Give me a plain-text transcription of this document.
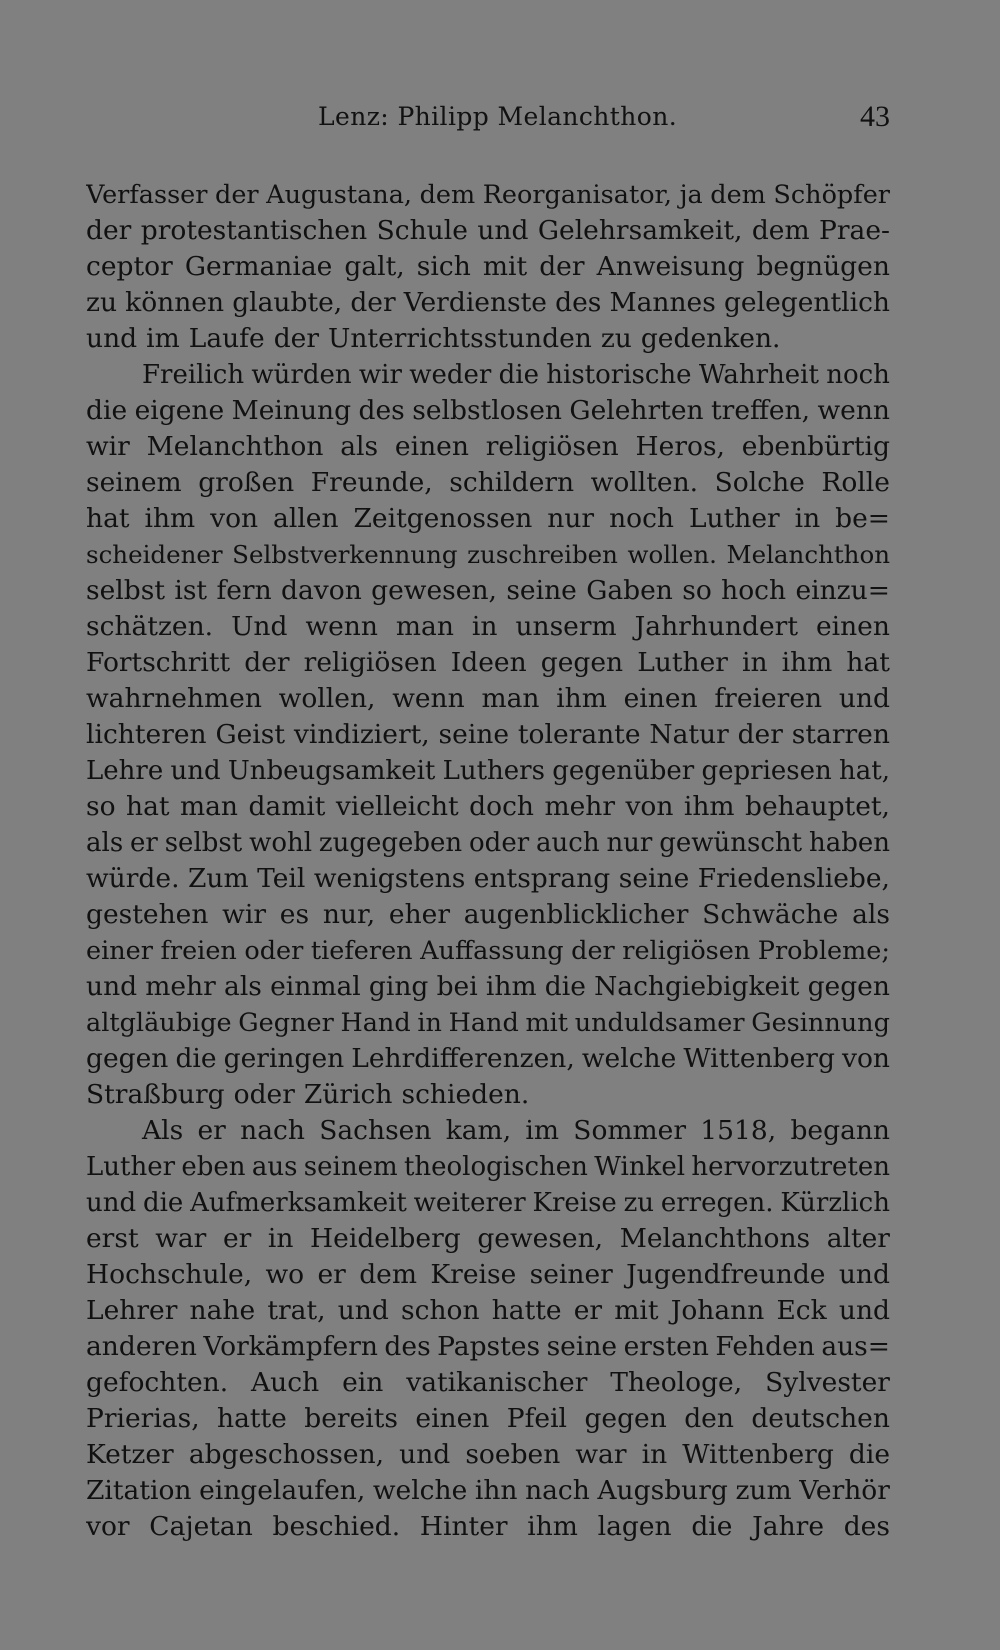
Lenz: Philipp Melanchthon.	43
Verfasser der Augustana, dem Reorganisator, ja dem Schöpfer
der protestantischen Schule und Gelehrsamkeit, dem Prae-
ceptor Germaniae galt, sich mit der Anweisung begnügen
zu können glaubte, der Verdienste des Mannes gelegentlich
und im Laufe der Unterrichtsstunden zu gedenken.
Freilich würden wir weder die historische Wahrheit noch
die eigene Meinung des selbstlosen Gelehrten treffen, wenn
wir Melanchthon als einen religiösen Heros, ebenbürtig
seinem großen Freunde, schildern wollten. Solche Rolle
hat ihm von allen Zeitgenossen nur noch Luther in be=
scheidener Selbstverkennung zuschreiben wollen. Melanchthon
selbst ist fern davon gewesen, seine Gaben so hoch einzu=
schätzen. Und wenn man in unserm Jahrhundert einen
Fortschritt der religiösen Ideen gegen Luther in ihm hat
wahrnehmen wollen, wenn man ihm einen freieren und
lichteren Geist vindiziert, seine tolerante Natur der starren
Lehre und Unbeugsamkeit Luthers gegenüber gepriesen hat,
so hat man damit vielleicht doch mehr von ihm behauptet,
als er selbst wohl zugegeben oder auch nur gewünscht haben
würde. Zum Teil wenigstens entsprang seine Friedensliebe,
gestehen wir es nur, eher augenblicklicher Schwäche als
einer freien oder tieferen Auffassung der religiösen Probleme;
und mehr als einmal ging bei ihm die Nachgiebigkeit gegen
altgläubige Gegner Hand in Hand mit unduldsamer Gesinnung
gegen die geringen Lehrdifferenzen, welche Wittenberg von
Straßburg oder Zürich schieden.
Als er nach Sachsen kam, im Sommer 1518, begann
Luther eben aus seinem theologischen Winkel hervorzutreten
und die Aufmerksamkeit weiterer Kreise zu erregen. Kürzlich
erst war er in Heidelberg gewesen, Melanchthons alter
Hochschule, wo er dem Kreise seiner Jugendfreunde und
Lehrer nahe trat, und schon hatte er mit Johann Eck und
anderen Vorkämpfern des Papstes seine ersten Fehden aus=
gefochten. Auch ein vatikanischer Theologe, Sylvester
Prierias, hatte bereits einen Pfeil gegen den deutschen
Ketzer abgeschossen, und soeben war in Wittenberg die
Zitation eingelaufen, welche ihn nach Augsburg zum Verhör
vor Cajetan beschied. Hinter ihm lagen die Jahre des
